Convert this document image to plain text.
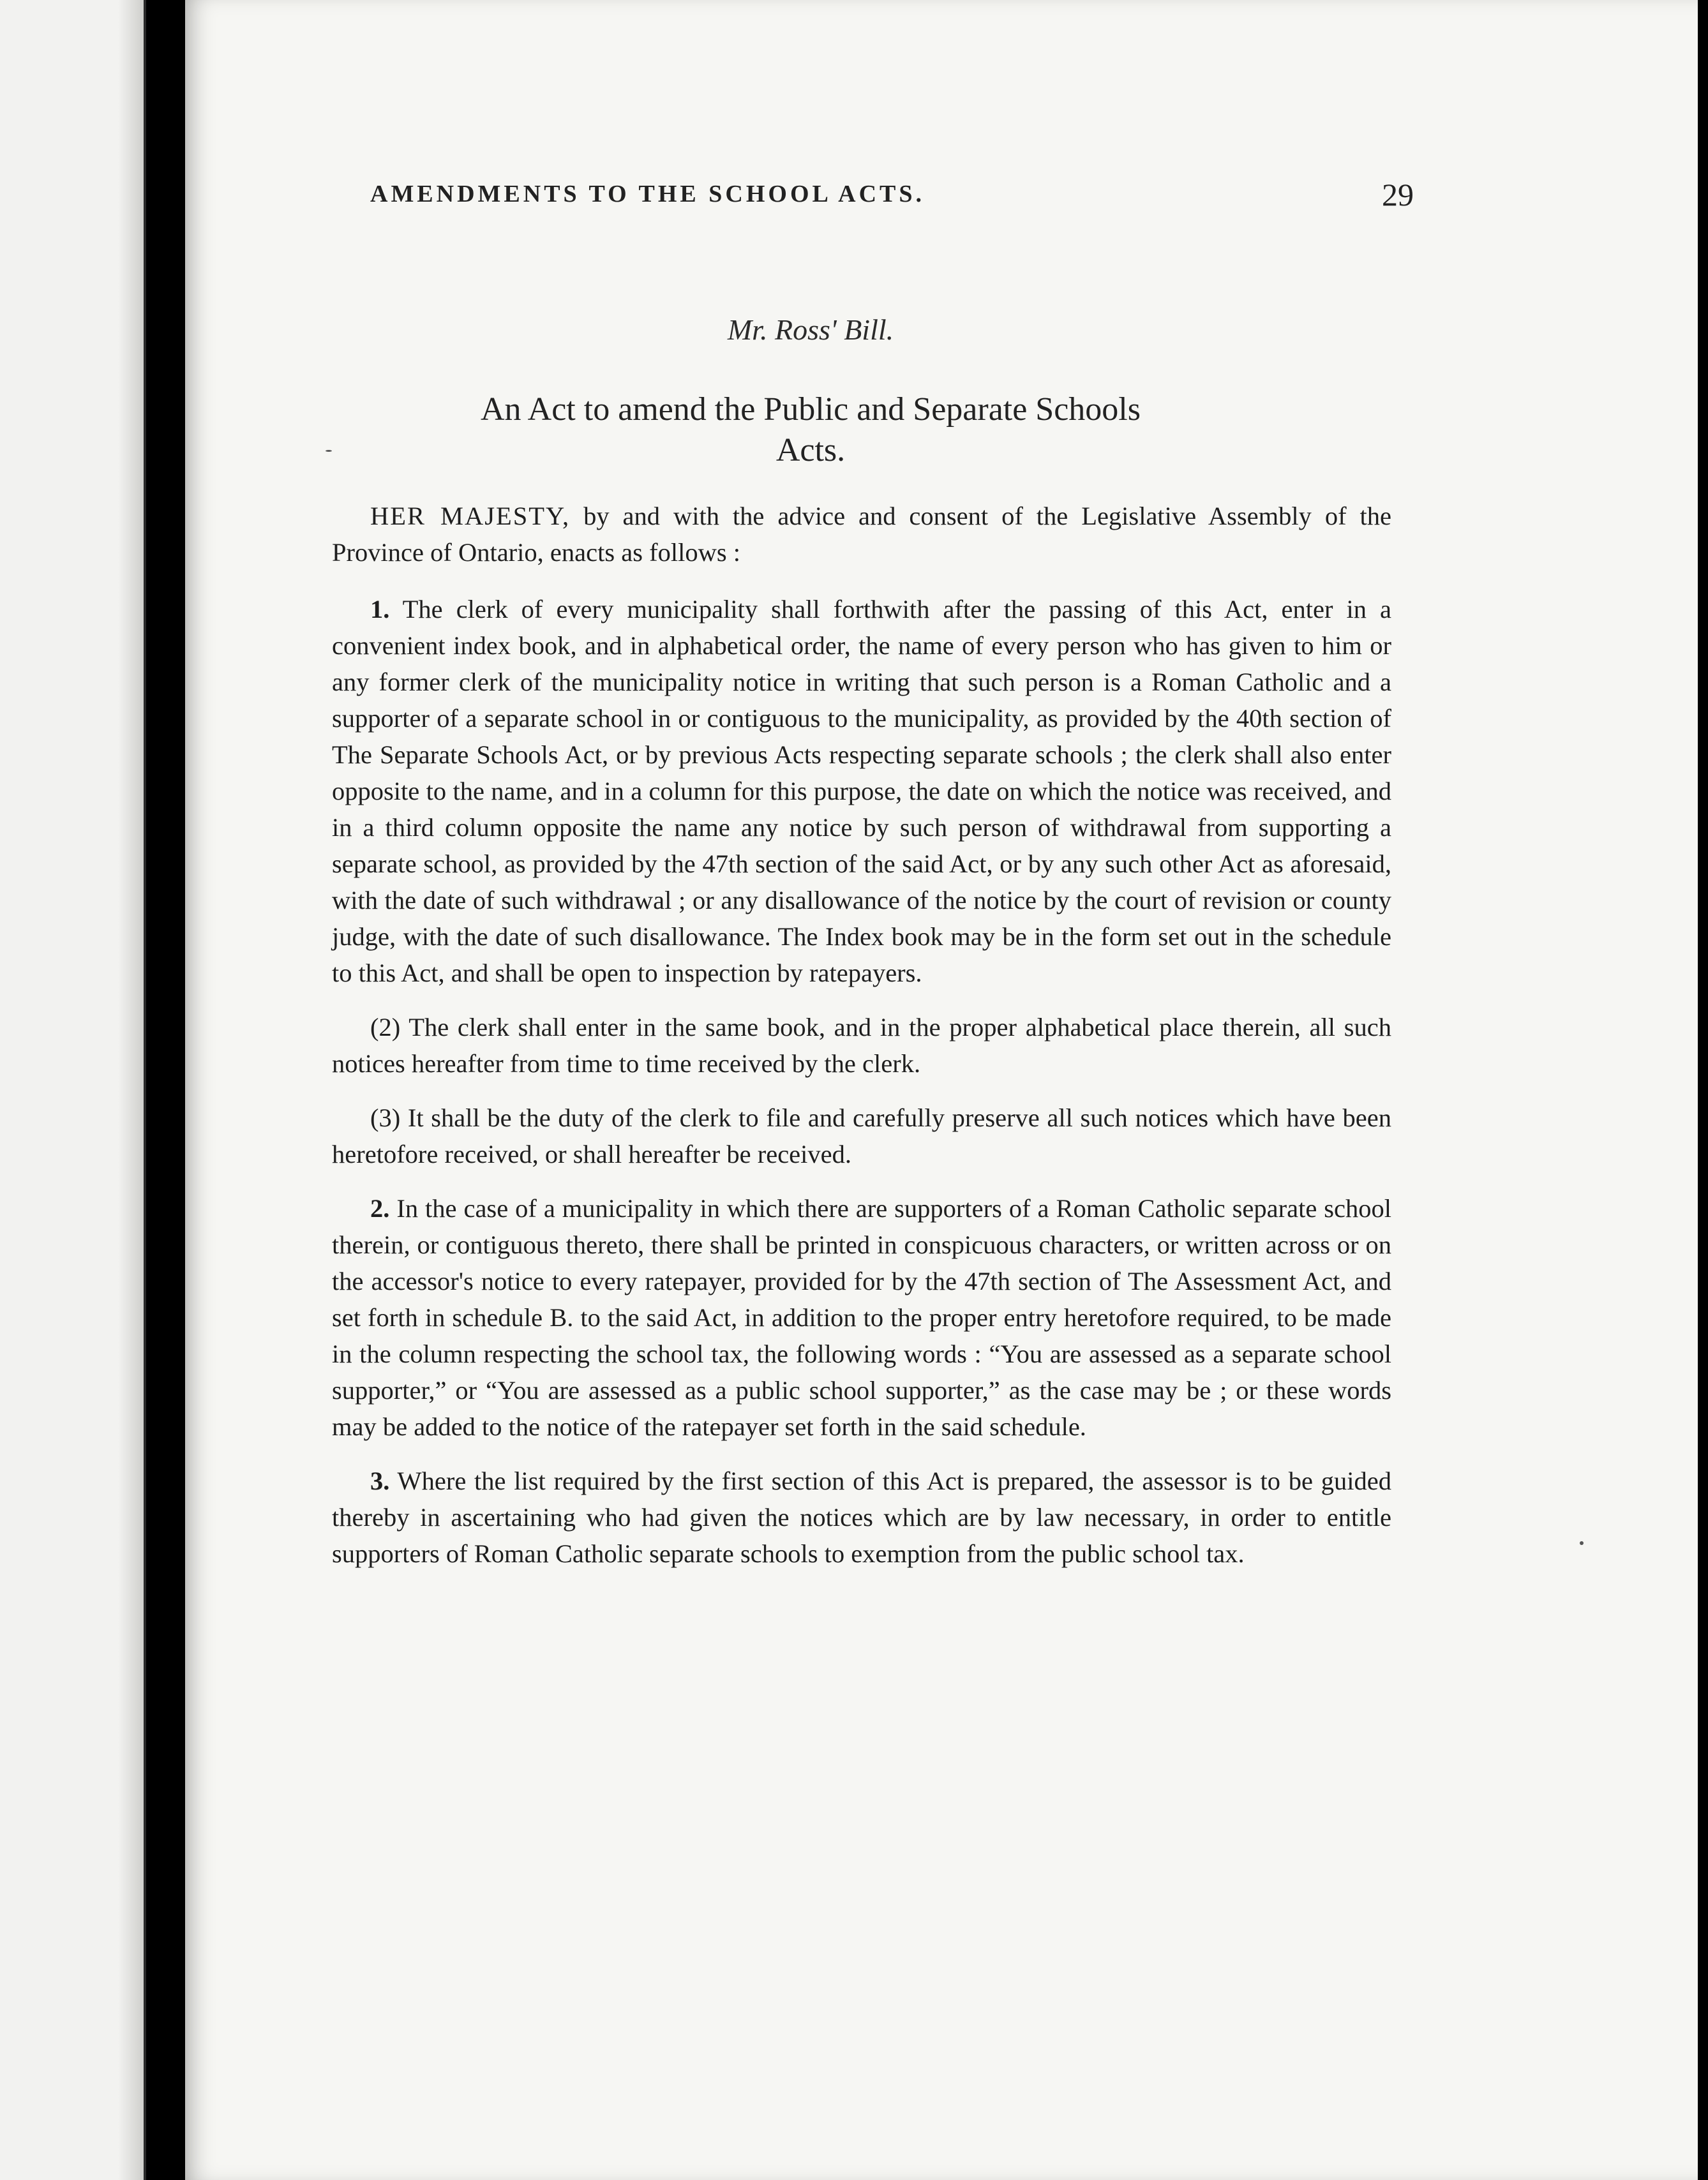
AMENDMENTS TO THE SCHOOL ACTS.	29
Mr. Ross' Bill.
An Act to amend the Public and Separate Schools
Acts.

HER MAJESTY, by and with the advice and consent of the Legislative Assembly of the Province of Ontario, enacts as follows :

1. The clerk of every municipality shall forthwith after the passing of this Act, enter in a convenient index book, and in alphabetical order, the name of every person who has given to him or any former clerk of the municipality notice in writing that such person is a Roman Catholic and a supporter of a separate school in or contiguous to the municipality, as provided by the 40th section of The Separate Schools Act, or by previous Acts respecting separate schools ; the clerk shall also enter opposite to the name, and in a column for this purpose, the date on which the notice was received, and in a third column opposite the name any notice by such person of withdrawal from supporting a separate school, as provided by the 47th section of the said Act, or by any such other Act as aforesaid, with the date of such withdrawal ; or any disallowance of the notice by the court of revision or county judge, with the date of such disallowance. The Index book may be in the form set out in the schedule to this Act, and shall be open to inspection by ratepayers.

(2) The clerk shall enter in the same book, and in the proper alphabetical place therein, all such notices hereafter from time to time received by the clerk.

(3) It shall be the duty of the clerk to file and carefully preserve all such notices which have been heretofore received, or shall hereafter be received.

2. In the case of a municipality in which there are supporters of a Roman Catholic separate school therein, or contiguous thereto, there shall be printed in conspicuous characters, or written across or on the accessor's notice to every ratepayer, provided for by the 47th section of The Assessment Act, and set forth in schedule B. to the said Act, in addition to the proper entry heretofore required, to be made in the column respecting the school tax, the following words : “You are assessed as a separate school supporter,” or “You are assessed as a public school supporter,” as the case may be ; or these words may be added to the notice of the ratepayer set forth in the said schedule.

3. Where the list required by the first section of this Act is prepared, the assessor is to be guided thereby in ascertaining who had given the notices which are by law necessary, in order to entitle supporters of Roman Catholic separate schools to exemption from the public school tax.
